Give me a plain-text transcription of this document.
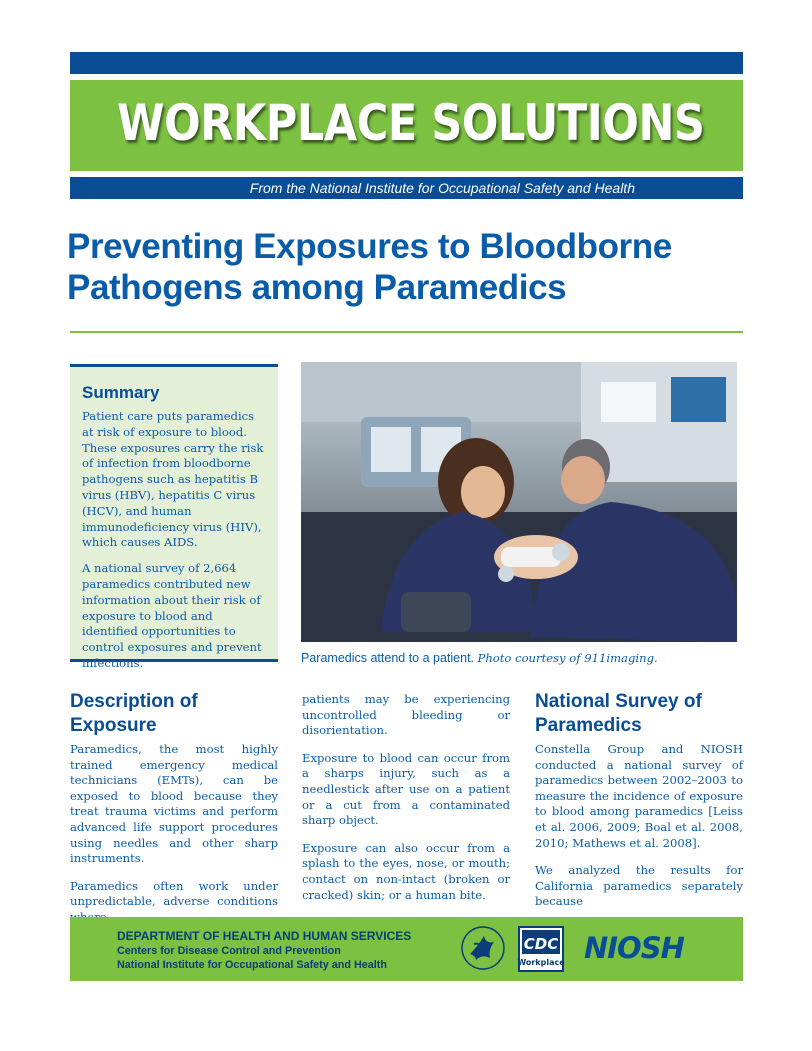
WORKPLACE SOLUTIONS
From the National Institute for Occupational Safety and Health
Preventing Exposures to Bloodborne
Pathogens among Paramedics
Summary

Patient care puts paramedics at risk of exposure to blood. These exposures carry the risk of infection from bloodborne pathogens such as hepatitis B virus (HBV), hepatitis C virus (HCV), and human immunodeficiency virus (HIV), which causes AIDS.

A national survey of 2,664 paramedics contributed new information about their risk of exposure to blood and identified opportunities to control exposures and prevent infections.	Paramedics attend to a patient. Photo courtesy of 911imaging.
Description of
Exposure

Paramedics, the most highly trained emergency medical technicians (EMTs), can be exposed to blood because they treat trauma victims and perform advanced life support procedures using needles and other sharp instruments.

Paramedics often work under unpredictable, adverse conditions

patients may be experiencing uncontrolled bleeding or disorientation.

Exposure to blood can occur from a sharps injury, such as a needlestick after use on a patient or a cut from a contaminated sharp object.

Exposure can also occur from a splash to the eyes, nose, or mouth; contact on non-intact (broken or cracked) skin; or a human bite.

National Survey of
Paramedics

Constella Group and NIOSH conducted a national survey of paramedics between 2002–2003 to measure the incidence of exposure to blood among paramedics [Leiss et al. 2006, 2009; Boal et al. 2008, 2010; Mathews et al. 2008].

We analyzed the results for California paramedics separately because

DEPARTMENT OF HEALTH AND HUMAN SERVICES
Centers for Disease Control and Prevention
National Institute for Occupational Safety and Health
CDC
Workplace NIOSH
